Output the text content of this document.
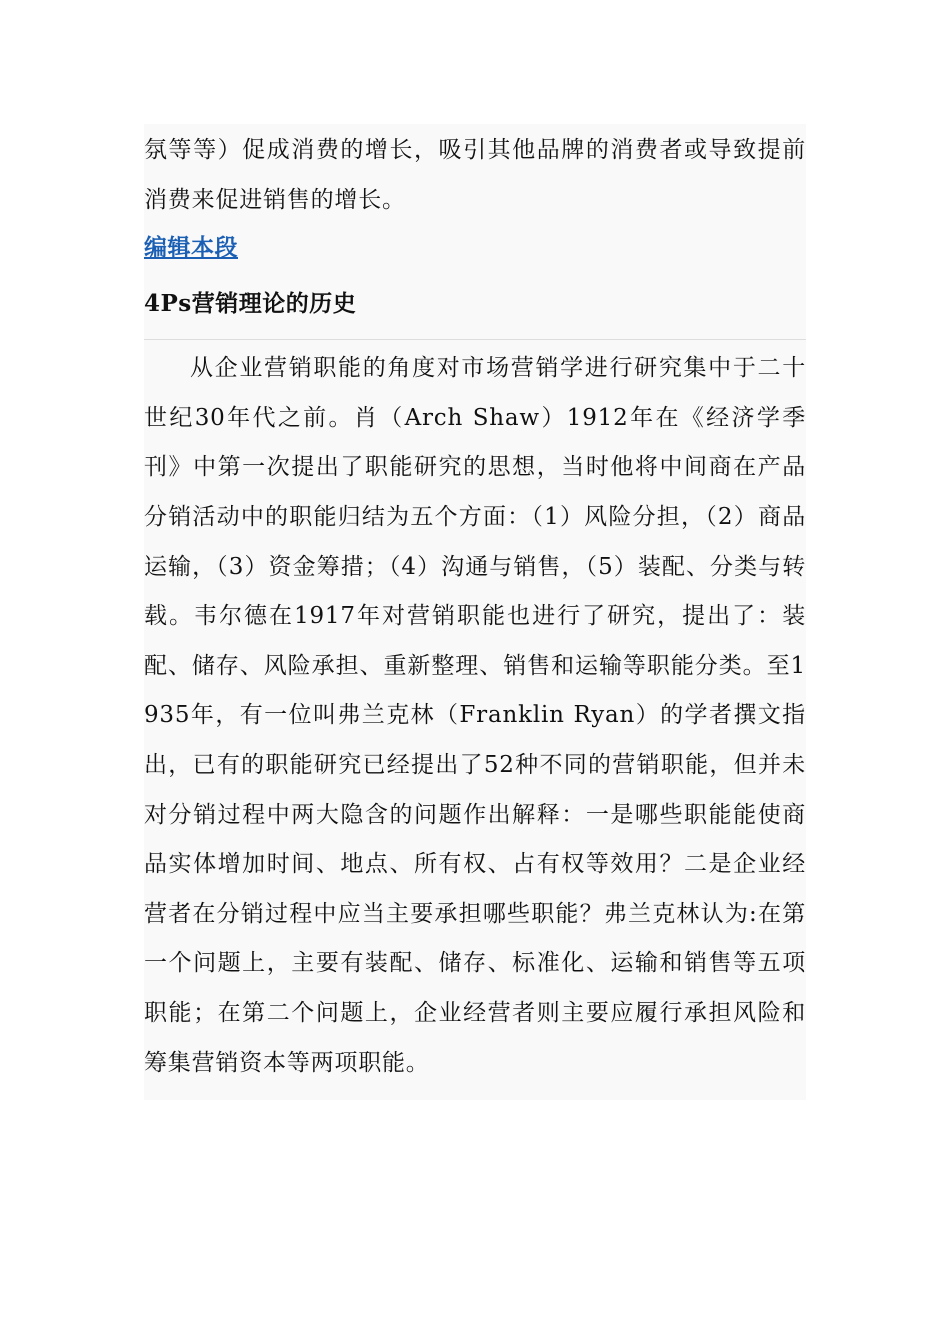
氛等等）促成消费的增长，吸引其他品牌的消费者或导致提前消费来促进销售的增长。

编辑本段
4Ps营销理论的历史

从企业营销职能的角度对市场营销学进行研究集中于二十世纪30年代之前。肖（Arch Shaw）1912年在《经济学季刊》中第一次提出了职能研究的思想，当时他将中间商在产品分销活动中的职能归结为五个方面：（1）风险分担，（2）商品运输，（3）资金筹措；（4）沟通与销售，（5）装配、分类与转载。韦尔德在1917年对营销职能也进行了研究，提出了：装配、储存、风险承担、重新整理、销售和运输等职能分类。至1935年，有一位叫弗兰克林（Franklin Ryan）的学者撰文指出，已有的职能研究已经提出了52种不同的营销职能，但并未对分销过程中两大隐含的问题作出解释：一是哪些职能能使商品实体增加时间、地点、所有权、占有权等效用？二是企业经营者在分销过程中应当主要承担哪些职能？弗兰克林认为:在第一个问题上，主要有装配、储存、标准化、运输和销售等五项职能；在第二个问题上，企业经营者则主要应履行承担风险和筹集营销资本等两项职能。
